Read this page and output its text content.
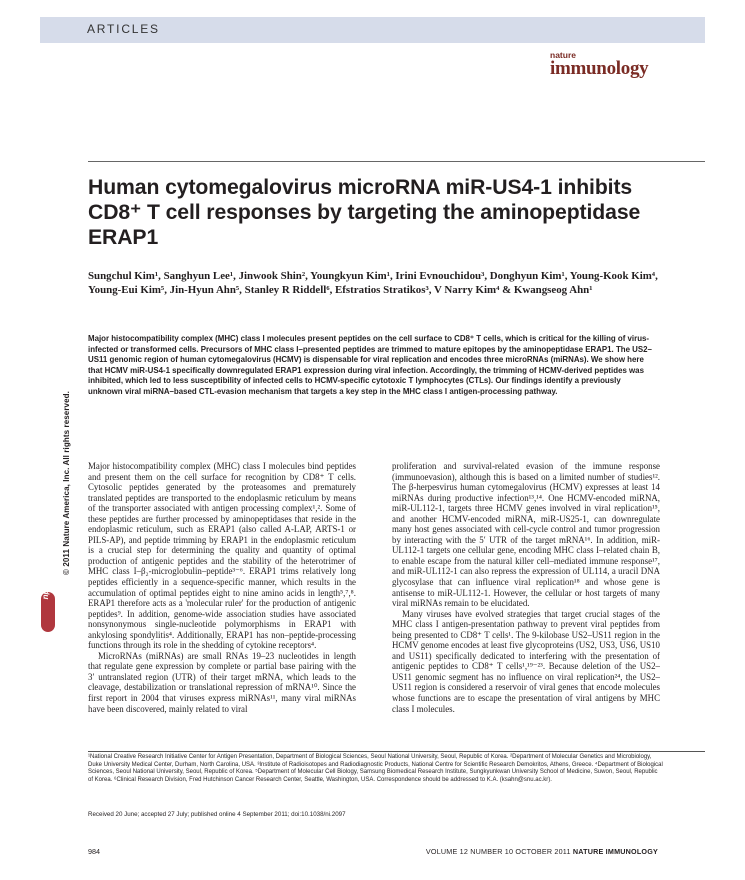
ARTICLES
nature
immunology
Human cytomegalovirus microRNA miR-US4-1 inhibits CD8⁺ T cell responses by targeting the aminopeptidase ERAP1

Sungchul Kim¹, Sanghyun Lee¹, Jinwook Shin², Youngkyun Kim¹, Irini Evnouchidou³, Donghyun Kim¹, Young-Kook Kim⁴, Young-Eui Kim⁵, Jin-Hyun Ahn⁵, Stanley R Riddell⁶, Efstratios Stratikos³, V Narry Kim⁴ & Kwangseog Ahn¹

Major histocompatibility complex (MHC) class I molecules present peptides on the cell surface to CD8⁺ T cells, which is critical for the killing of virus-infected or transformed cells. Precursors of MHC class I–presented peptides are trimmed to mature epitopes by the aminopeptidase ERAP1. The US2–US11 genomic region of human cytomegalovirus (HCMV) is dispensable for viral replication and encodes three microRNAs (miRNAs). We show here that HCMV miR-US4-1 specifically downregulated ERAP1 expression during viral infection. Accordingly, the trimming of HCMV-derived peptides was inhibited, which led to less susceptibility of infected cells to HCMV-specific cytotoxic T lymphocytes (CTLs). Our findings identify a previously unknown viral miRNA–based CTL-evasion mechanism that targets a key step in the MHC class I antigen-processing pathway.

Major histocompatibility complex (MHC) class I molecules bind peptides and present them on the cell surface for recognition by CD8⁺ T cells. Cytosolic peptides generated by the proteasomes and prematurely translated peptides are transported to the endoplasmic reticulum by means of the transporter associated with antigen processing complex¹,². Some of these peptides are further processed by aminopeptidases that reside in the endoplasmic reticulum, such as ERAP1 (also called A-LAP, ARTS-1 or PILS-AP), and peptide trimming by ERAP1 in the endoplasmic reticulum is a crucial step for determining the quality and quantity of optimal production of antigenic peptides and the stability of the heterotrimer of MHC class I–β₂-microglobulin–peptide³⁻⁶. ERAP1 trims relatively long peptides efficiently in a sequence-specific manner, which results in the accumulation of optimal peptides eight to nine amino acids in length⁵,⁷,⁸. ERAP1 therefore acts as a 'molecular ruler' for the production of antigenic peptides⁹. In addition, genome-wide association studies have associated nonsynonymous single-nucleotide polymorphisms in ERAP1 with ankylosing spondylitis⁴. Additionally, ERAP1 has non–peptide-processing functions through its role in the shedding of cytokine receptors⁴.

MicroRNAs (miRNAs) are small RNAs 19–23 nucleotides in length that regulate gene expression by complete or partial base pairing with the 3′ untranslated region (UTR) of their target mRNA, which leads to the cleavage, destabilization or translational repression of mRNA¹⁰. Since the first report in 2004 that viruses express miRNAs¹¹, many viral miRNAs have been discovered, mainly related to viral

proliferation and survival-related evasion of the immune response (immunoevasion), although this is based on a limited number of studies¹². The β-herpesvirus human cytomegalovirus (HCMV) expresses at least 14 miRNAs during productive infection¹³,¹⁴. One HCMV-encoded miRNA, miR-UL112-1, targets three HCMV genes involved in viral replication¹⁵, and another HCMV-encoded miRNA, miR-US25-1, can downregulate many host genes associated with cell-cycle control and tumor progression by interacting with the 5′ UTR of the target mRNA¹⁶. In addition, miR-UL112-1 targets one cellular gene, encoding MHC class I–related chain B, to enable escape from the natural killer cell–mediated immune response¹⁷, and miR-UL112-1 can also repress the expression of UL114, a uracil DNA glycosylase that can influence viral replication¹⁸ and whose gene is antisense to miR-UL112-1. However, the cellular or host targets of many viral miRNAs remain to be elucidated.

Many viruses have evolved strategies that target crucial stages of the MHC class I antigen-presentation pathway to prevent viral peptides from being presented to CD8⁺ T cells¹. The 9-kilobase US2–US11 region in the HCMV genome encodes at least five glycoproteins (US2, US3, US6, US10 and US11) specifically dedicated to interfering with the presentation of antigenic peptides to CD8⁺ T cells¹,¹⁹⁻²³. Because deletion of the US2–US11 genomic segment has no influence on viral replication²⁴, the US2–US11 region is considered a reservoir of viral genes that encode molecules whose functions are to escape the presentation of viral antigens by MHC class I molecules.

¹National Creative Research Initiative Center for Antigen Presentation, Department of Biological Sciences, Seoul National University, Seoul, Republic of Korea. ²Department of Molecular Genetics and Microbiology, Duke University Medical Center, Durham, North Carolina, USA. ³Institute of Radioisotopes and Radiodiagnostic Products, National Centre for Scientific Research Demokritos, Athens, Greece. ⁴Department of Biological Sciences, Seoul National University, Seoul, Republic of Korea. ⁵Department of Molecular Cell Biology, Samsung Biomedical Research Institute, Sungkyunkwan University School of Medicine, Suwon, Seoul, Republic of Korea. ⁶Clinical Research Division, Fred Hutchinson Cancer Research Center, Seattle, Washington, USA. Correspondence should be addressed to K.A. (ksahn@snu.ac.kr).

Received 20 June; accepted 27 July; published online 4 September 2011; doi:10.1038/ni.2097
984	VOLUME 12 NUMBER 10 OCTOBER 2011 NATURE IMMUNOLOGY
© 2011 Nature America, Inc. All rights reserved.
npg
